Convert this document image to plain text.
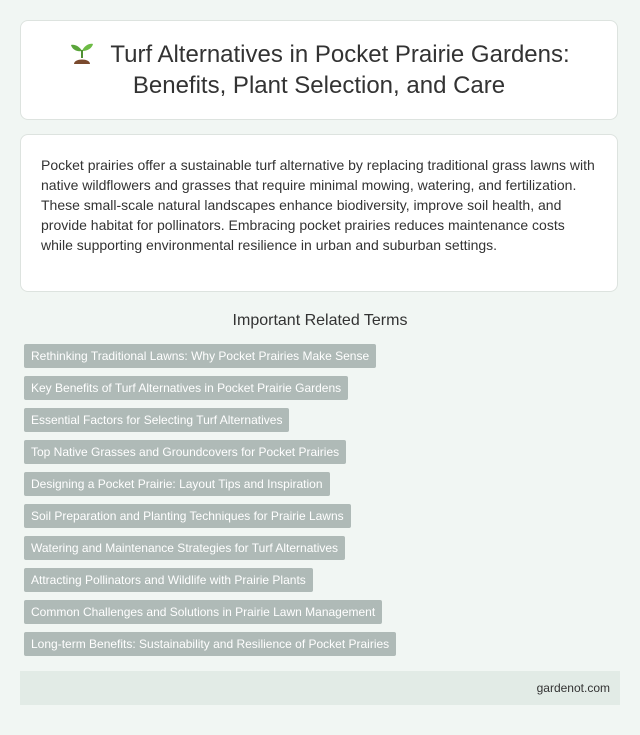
Turf Alternatives in Pocket Prairie Gardens: Benefits, Plant Selection, and Care

Pocket prairies offer a sustainable turf alternative by replacing traditional grass lawns with native wildflowers and grasses that require minimal mowing, watering, and fertilization. These small-scale natural landscapes enhance biodiversity, improve soil health, and provide habitat for pollinators. Embracing pocket prairies reduces maintenance costs while supporting environmental resilience in urban and suburban settings.

Important Related Terms
Rethinking Traditional Lawns: Why Pocket Prairies Make Sense
Key Benefits of Turf Alternatives in Pocket Prairie Gardens
Essential Factors for Selecting Turf Alternatives
Top Native Grasses and Groundcovers for Pocket Prairies
Designing a Pocket Prairie: Layout Tips and Inspiration
Soil Preparation and Planting Techniques for Prairie Lawns
Watering and Maintenance Strategies for Turf Alternatives
Attracting Pollinators and Wildlife with Prairie Plants
Common Challenges and Solutions in Prairie Lawn Management
Long-term Benefits: Sustainability and Resilience of Pocket Prairies
gardenot.com
